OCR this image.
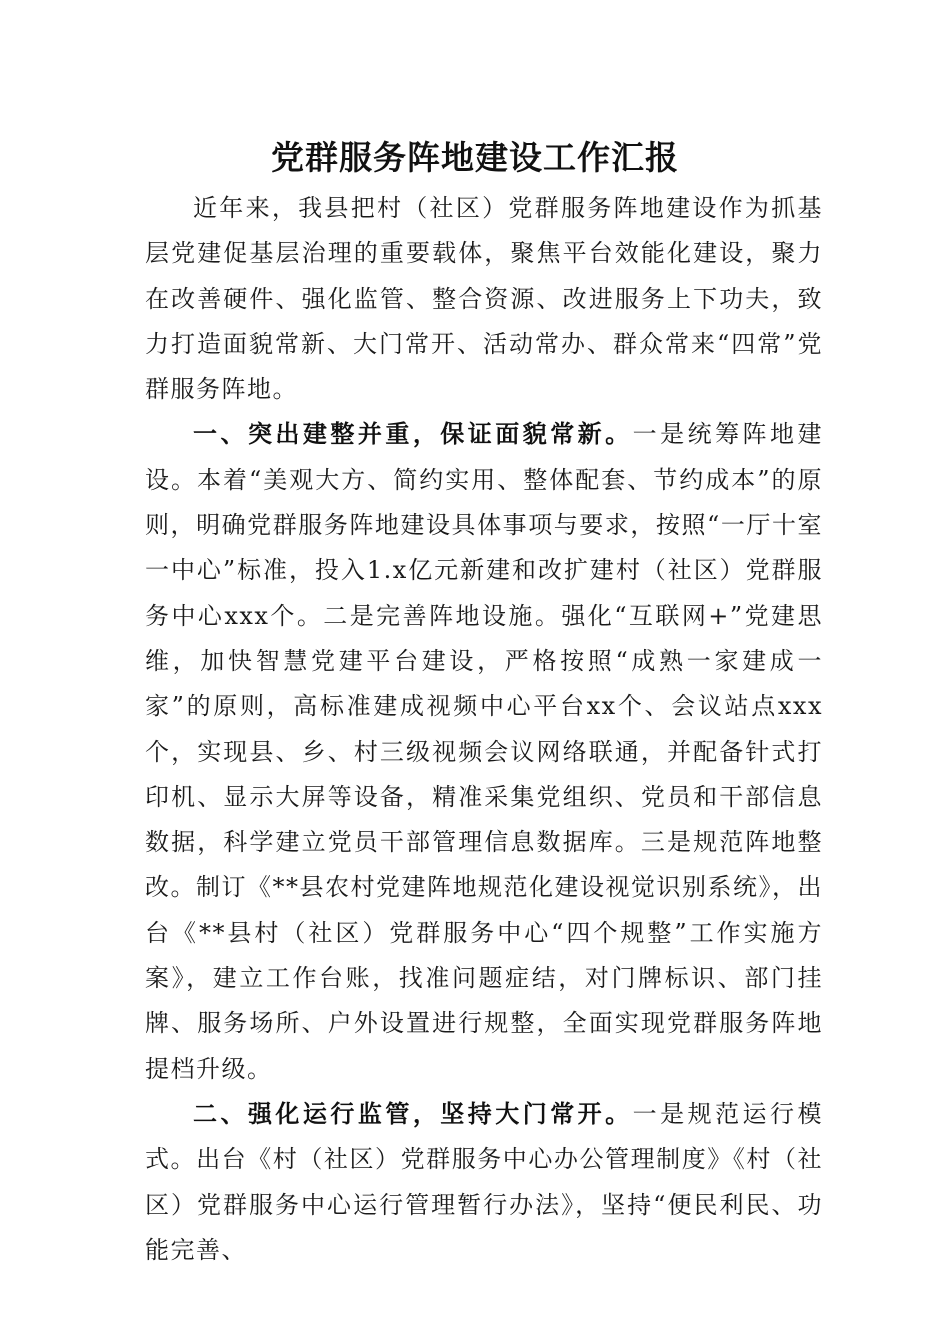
党群服务阵地建设工作汇报

近年来，我县把村（社区）党群服务阵地建设作为抓基层党建促基层治理的重要载体，聚焦平台效能化建设，聚力在改善硬件、强化监管、整合资源、改进服务上下功夫，致力打造面貌常新、大门常开、活动常办、群众常来“四常”党群服务阵地。

一、突出建整并重，保证面貌常新。一是统筹阵地建设。本着“美观大方、简约实用、整体配套、节约成本”的原则，明确党群服务阵地建设具体事项与要求，按照“一厅十室一中心”标准，投入1.x亿元新建和改扩建村（社区）党群服务中心xxx个。二是完善阵地设施。强化“互联网+”党建思维，加快智慧党建平台建设，严格按照“成熟一家建成一家”的原则，高标准建成视频中心平台xx个、会议站点xxx个，实现县、乡、村三级视频会议网络联通，并配备针式打印机、显示大屏等设备，精准采集党组织、党员和干部信息数据，科学建立党员干部管理信息数据库。三是规范阵地整改。制订《**县农村党建阵地规范化建设视觉识别系统》，出台《**县村（社区）党群服务中心“四个规整”工作实施方案》，建立工作台账，找准问题症结，对门牌标识、部门挂牌、服务场所、户外设置进行规整，全面实现党群服务阵地提档升级。

二、强化运行监管，坚持大门常开。一是规范运行模式。出台《村（社区）党群服务中心办公管理制度》《村（社区）党群服务中心运行管理暂行办法》，坚持“便民利民、功能完善、
